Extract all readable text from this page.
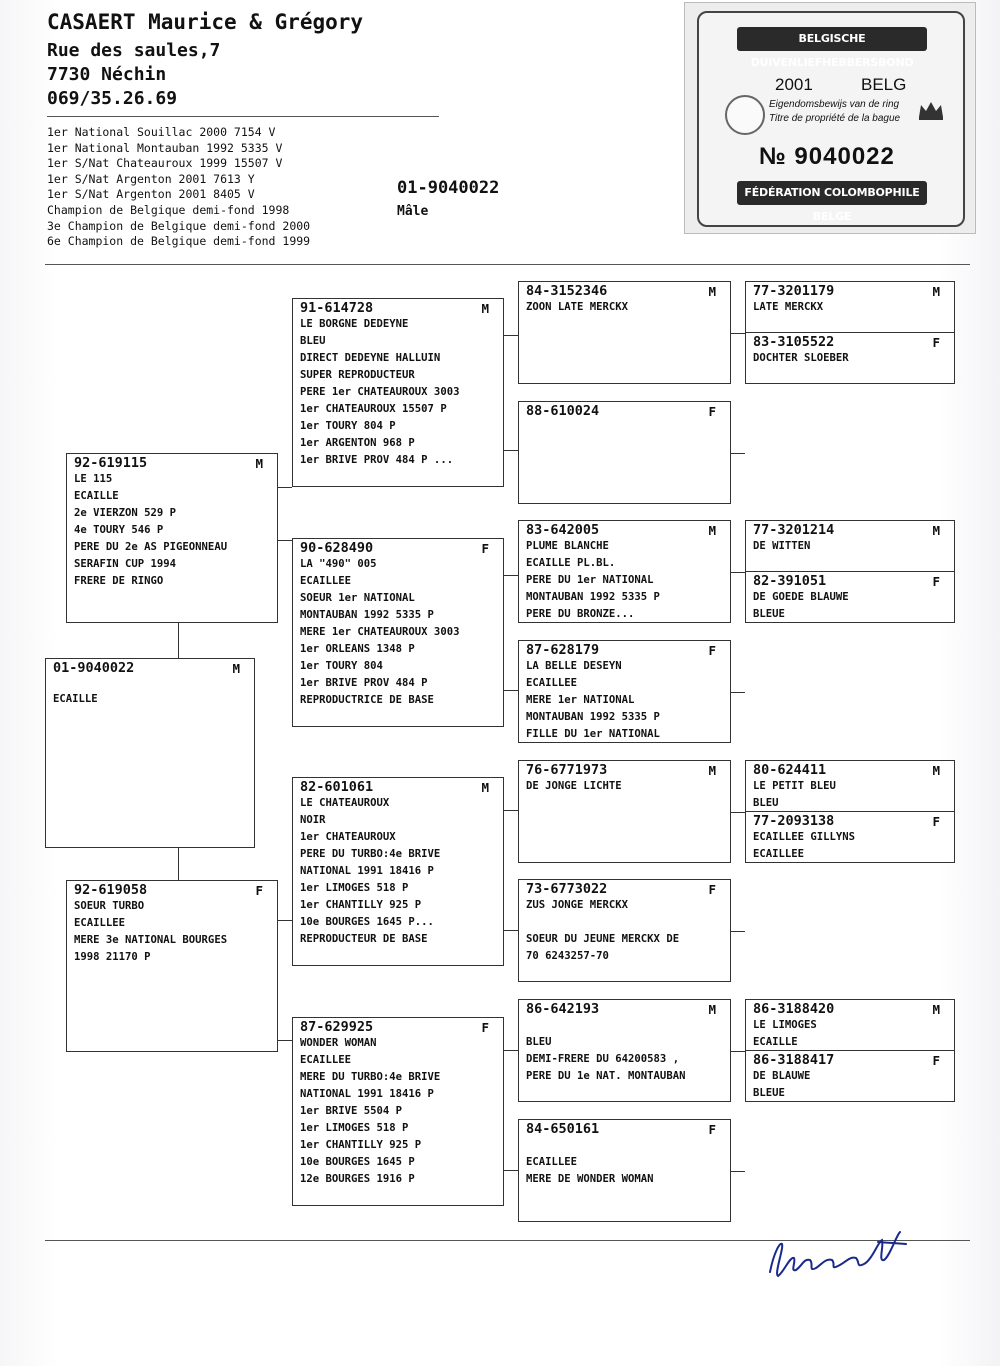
CASAERT Maurice & Grégory
Rue des saules,7
7730 Néchin
069/35.26.69
1er National Souillac 2000 7154 V
1er National Montauban 1992 5335 V
1er S/Nat Chateauroux 1999 15507 V
1er S/Nat Argenton 2001 7613 Y
1er S/Nat Argenton 2001 8405 V
Champion de Belgique demi-fond 1998
3e Champion de Belgique demi-fond 2000
6e Champion de Belgique demi-fond 1999
01-9040022
Mâle
BELGISCHE DUIVENLIEFHEBBERSBOND
2001	BELG
Eigendomsbewijs van de ring
Titre de propriété de la bague
№ 9040022
FÉDÉRATION COLOMBOPHILE BELGE
01-9040022	M
ECAILLE
92-619115	M
LE 115
ECAILLE
2e VIERZON 529 P
4e TOURY 546 P
PERE DU 2e AS PIGEONNEAU
SERAFIN CUP 1994
FRERE DE RINGO
92-619058	F
SOEUR TURBO
ECAILLEE
MERE 3e NATIONAL BOURGES
1998 21170 P
91-614728	M
LE BORGNE DEDEYNE
BLEU
DIRECT DEDEYNE HALLUIN
SUPER REPRODUCTEUR
PERE 1er CHATEAUROUX 3003
1er CHATEAUROUX 15507 P
1er TOURY 804 P
1er ARGENTON 968 P
1er BRIVE PROV 484 P ...
90-628490	F
LA "490" 005
ECAILLEE
SOEUR 1er NATIONAL
MONTAUBAN 1992 5335 P
MERE 1er CHATEAUROUX 3003
1er ORLEANS 1348 P
1er TOURY 804
1er BRIVE PROV 484 P
REPRODUCTRICE DE BASE
82-601061	M
LE CHATEAUROUX
NOIR
1er CHATEAUROUX
PERE DU TURBO:4e BRIVE
NATIONAL 1991 18416 P
1er LIMOGES 518 P
1er CHANTILLY 925 P
10e BOURGES 1645 P...
REPRODUCTEUR DE BASE
87-629925	F
WONDER WOMAN
ECAILLEE
MERE DU TURBO:4e BRIVE
NATIONAL 1991 18416 P
1er BRIVE 5504 P
1er LIMOGES 518 P
1er CHANTILLY 925 P
10e BOURGES 1645 P
12e BOURGES 1916 P
84-3152346	M
ZOON LATE MERCKX
88-610024	F
83-642005	M
PLUME BLANCHE
ECAILLE PL.BL.
PERE DU 1er NATIONAL
MONTAUBAN 1992 5335 P
PERE DU BRONZE...
87-628179	F
LA BELLE DESEYN
ECAILLEE
MERE 1er NATIONAL
MONTAUBAN 1992 5335 P
FILLE DU 1er NATIONAL
76-6771973	M
DE JONGE LICHTE
73-6773022	F
ZUS JONGE MERCKX

SOEUR DU JEUNE MERCKX DE
70 6243257-70
86-642193	M

BLEU
DEMI-FRERE DU 64200583 ,
PERE DU 1e NAT. MONTAUBAN
84-650161	F

ECAILLEE
MERE DE WONDER WOMAN
77-3201179	M
LATE MERCKX
83-3105522	F
DOCHTER SLOEBER
77-3201214	M
DE WITTEN
82-391051	F
DE GOEDE BLAUWE
BLEUE
80-624411	M
LE PETIT BLEU
BLEU
77-2093138	F
ECAILLEE GILLYNS
ECAILLEE
86-3188420	M
LE LIMOGES
ECAILLE
86-3188417	F
DE BLAUWE
BLEUE
